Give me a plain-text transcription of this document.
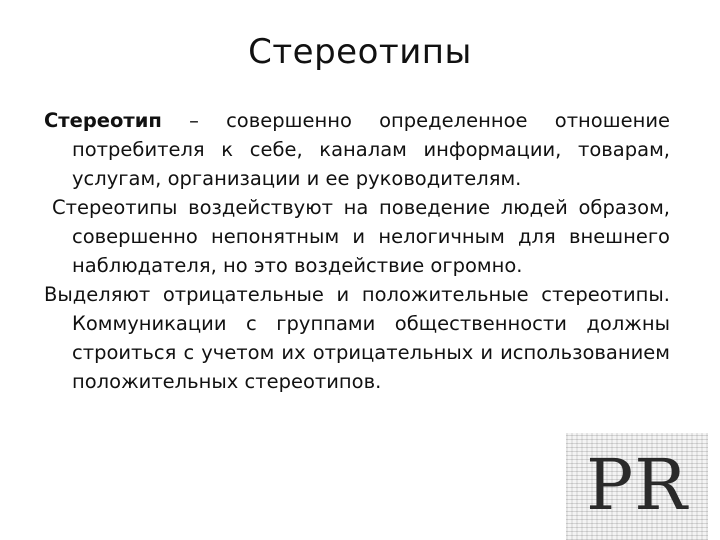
Стереотипы

Стереотип – совершенно определенное отношение потребителя к себе, каналам информации, товарам, услугам, организации и ее руководителям.

Стереотипы воздействуют на поведение людей образом, совершенно непонятным и нелогичным для внешнего наблюдателя, но это воздействие огромно.

Выделяют отрицательные и положительные стереотипы. Коммуникации с группами общественности должны строиться с учетом их отрицательных и использованием положительных стереотипов.

PR
